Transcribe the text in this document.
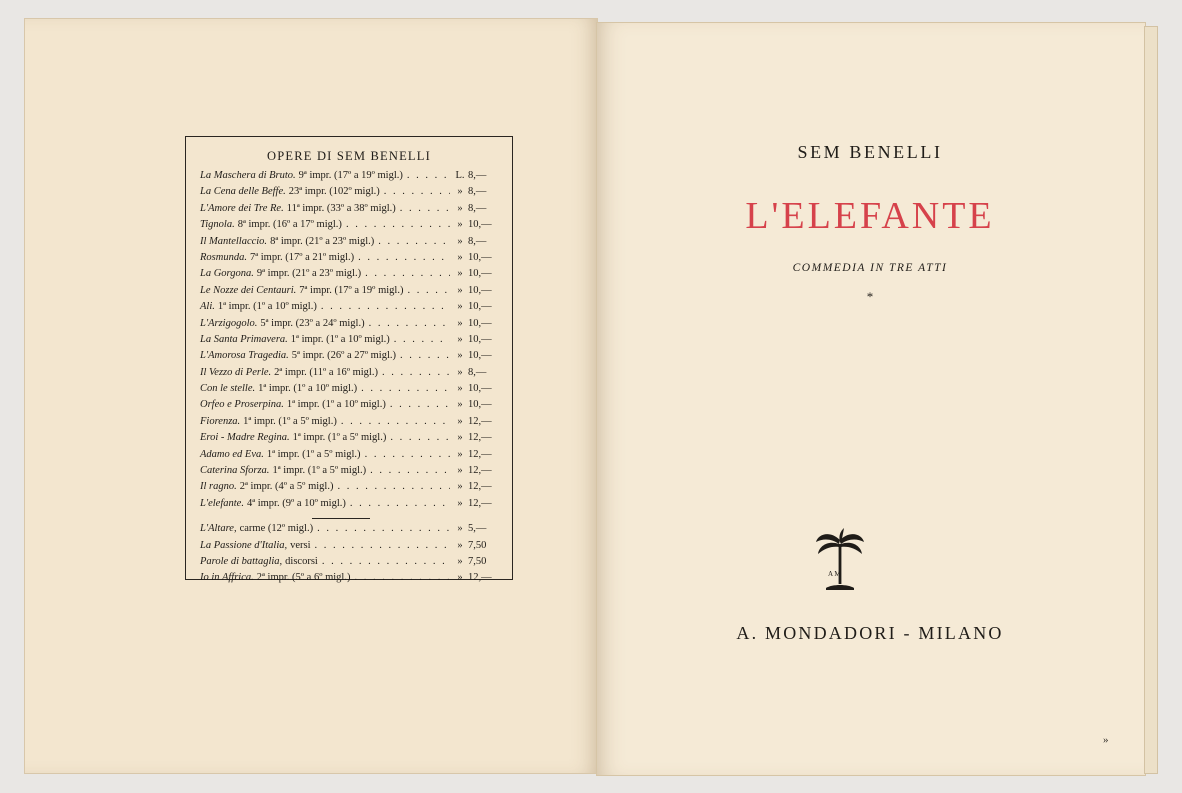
OPERE DI SEM BENELLI
La Maschera di Bruto. 9ª impr. (17º a 19º migl.) . . .	L. 8,—
La Cena delle Beffe. 23ª impr. (102º migl.) . . .	» 8,—
L'Amore dei Tre Re. 11ª impr. (33º a 38º migl.) . . .	» 8,—
Tignola. 8ª impr. (16º a 17º migl.) . . .	» 10,—
Il Mantellaccio. 8ª impr. (21º a 23º migl.) . . .	» 8,—
Rosmunda. 7ª impr. (17º a 21º migl.) . . .	» 10,—
La Gorgona. 9ª impr. (21º a 23º migl.) . . .	» 10,—
Le Nozze dei Centauri. 7ª impr. (17º a 19º migl.) . . .	» 10,—
Ali. 1ª impr. (1º a 10º migl.) . . .	» 10,—
L'Arzigogolo. 5ª impr. (23º a 24º migl.) . . .	» 10,—
La Santa Primavera. 1ª impr. (1º a 10º migl.) . . .	» 10,—
L'Amorosa Tragedia. 5ª impr. (26º a 27º migl.) . . .	» 10,—
Il Vezzo di Perle. 2ª impr. (11º a 16º migl.) . . .	» 8,—
Con le stelle. 1ª impr. (1º a 10º migl.) . . .	» 10,—
Orfeo e Proserpina. 1ª impr. (1º a 10º migl.) . . .	» 10,—
Fiorenza. 1ª impr. (1º a 5º migl.) . . .	» 12,—
Eroi - Madre Regina. 1ª impr. (1º a 5º migl.) . . .	» 12,—
Adamo ed Eva. 1ª impr. (1º a 5º migl.) . . .	» 12,—
Caterina Sforza. 1ª impr. (1º a 5º migl.) . . .	» 12,—
Il ragno. 2ª impr. (4º a 5º migl.) . . .	» 12,—
L'elefante. 4ª impr. (9º a 10º migl.) . . .	» 12,—
L'Altare, carme (12º migl.) . . .	» 5,—
La Passione d'Italia, versi . . .	» 7,50
Parole di battaglia, discorsi . . .	» 7,50
Io in Affrica. 2ª impr. (5º a 6º migl.) . . .	» 12,—
SEM BENELLI
L'ELEFANTE
COMMEDIA IN TRE ATTI
*
A M
A. MONDADORI - MILANO
»
